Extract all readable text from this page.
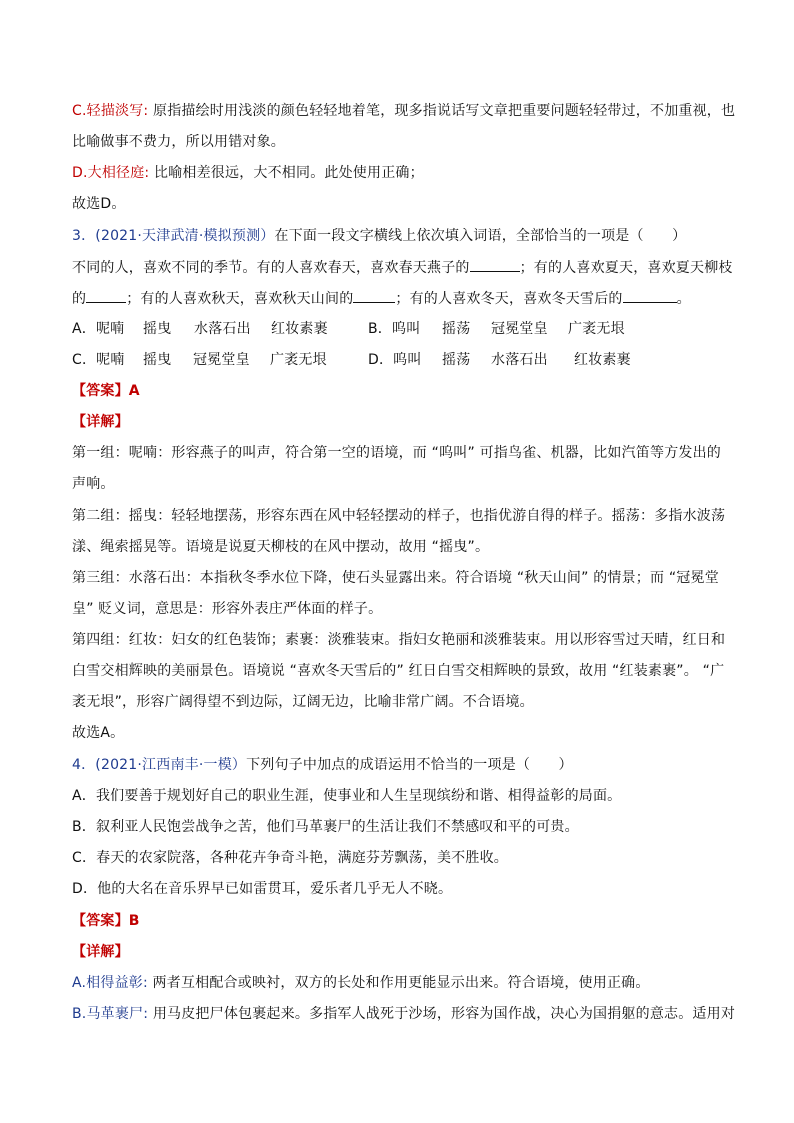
C.轻描淡写: 原指描绘时用浅淡的颜色轻轻地着笔，现多指说话写文章把重要问题轻轻带过，不加重视，也
比喻做事不费力，所以用错对象。
D.大相径庭: 比喻相差很远，大不相同。此处使用正确；
故选D。
3．(2021·天津武清·模拟预测）在下面一段文字横线上依次填入词语，全部恰当的一项是（　　）
不同的人，喜欢不同的季节。有的人喜欢春天，喜欢春天燕子的	；有的人喜欢夏天，喜欢夏天柳枝
的	；有的人喜欢秋天，喜欢秋天山间的	；有的人喜欢冬天，喜欢冬天雪后的	。
A．呢喃 摇曳 水落石出 红妆素裹	B．呜叫 摇荡 冠冕堂皇 广袤无垠
C．呢喃 摇曳 冠冕堂皇 广袤无垠	D．呜叫 摇荡 水落石出 红妆素裹
【答案】A
【详解】
第一组：呢喃：形容燕子的叫声，符合第一空的语境，而 “呜叫” 可指鸟雀、机器，比如汽笛等方发出的
声响。
第二组：摇曳：轻轻地摆荡，形容东西在风中轻轻摆动的样子，也指优游自得的样子。摇荡：多指水波荡
漾、绳索摇晃等。语境是说夏天柳枝的在风中摆动，故用 “摇曳”。
第三组：水落石出：本指秋冬季水位下降，使石头显露出来。符合语境 “秋天山间” 的情景；而 “冠冕堂
皇” 贬义词，意思是：形容外表庄严体面的样子。
第四组：红妆：妇女的红色装饰；素裹：淡雅装束。指妇女艳丽和淡雅装束。用以形容雪过天晴，红日和
白雪交相辉映的美丽景色。语境说 “喜欢冬天雪后的” 红日白雪交相辉映的景致，故用 “红装素裹”。 “广
袤无垠”，形容广阔得望不到边际，辽阔无边，比喻非常广阔。不合语境。
故选A。
4．(2021·江西南丰·一模）下列句子中加点的成语运用不恰当的一项是（　　）
A．我们要善于规划好自己的职业生涯，使事业和人生呈现缤纷和谐、相得益彰的局面。
B．叙利亚人民饱尝战争之苦，他们马革裹尸的生活让我们不禁感叹和平的可贵。
C．春天的农家院落，各种花卉争奇斗艳，满庭芬芳飘荡，美不胜收。
D．他的大名在音乐界早已如雷贯耳，爱乐者几乎无人不晓。
【答案】B
【详解】
A.相得益彰: 两者互相配合或映衬，双方的长处和作用更能显示出来。符合语境，使用正确。
B.马革裹尸: 用马皮把尸体包裹起来。多指军人战死于沙场，形容为国作战，决心为国捐躯的意志。适用对
